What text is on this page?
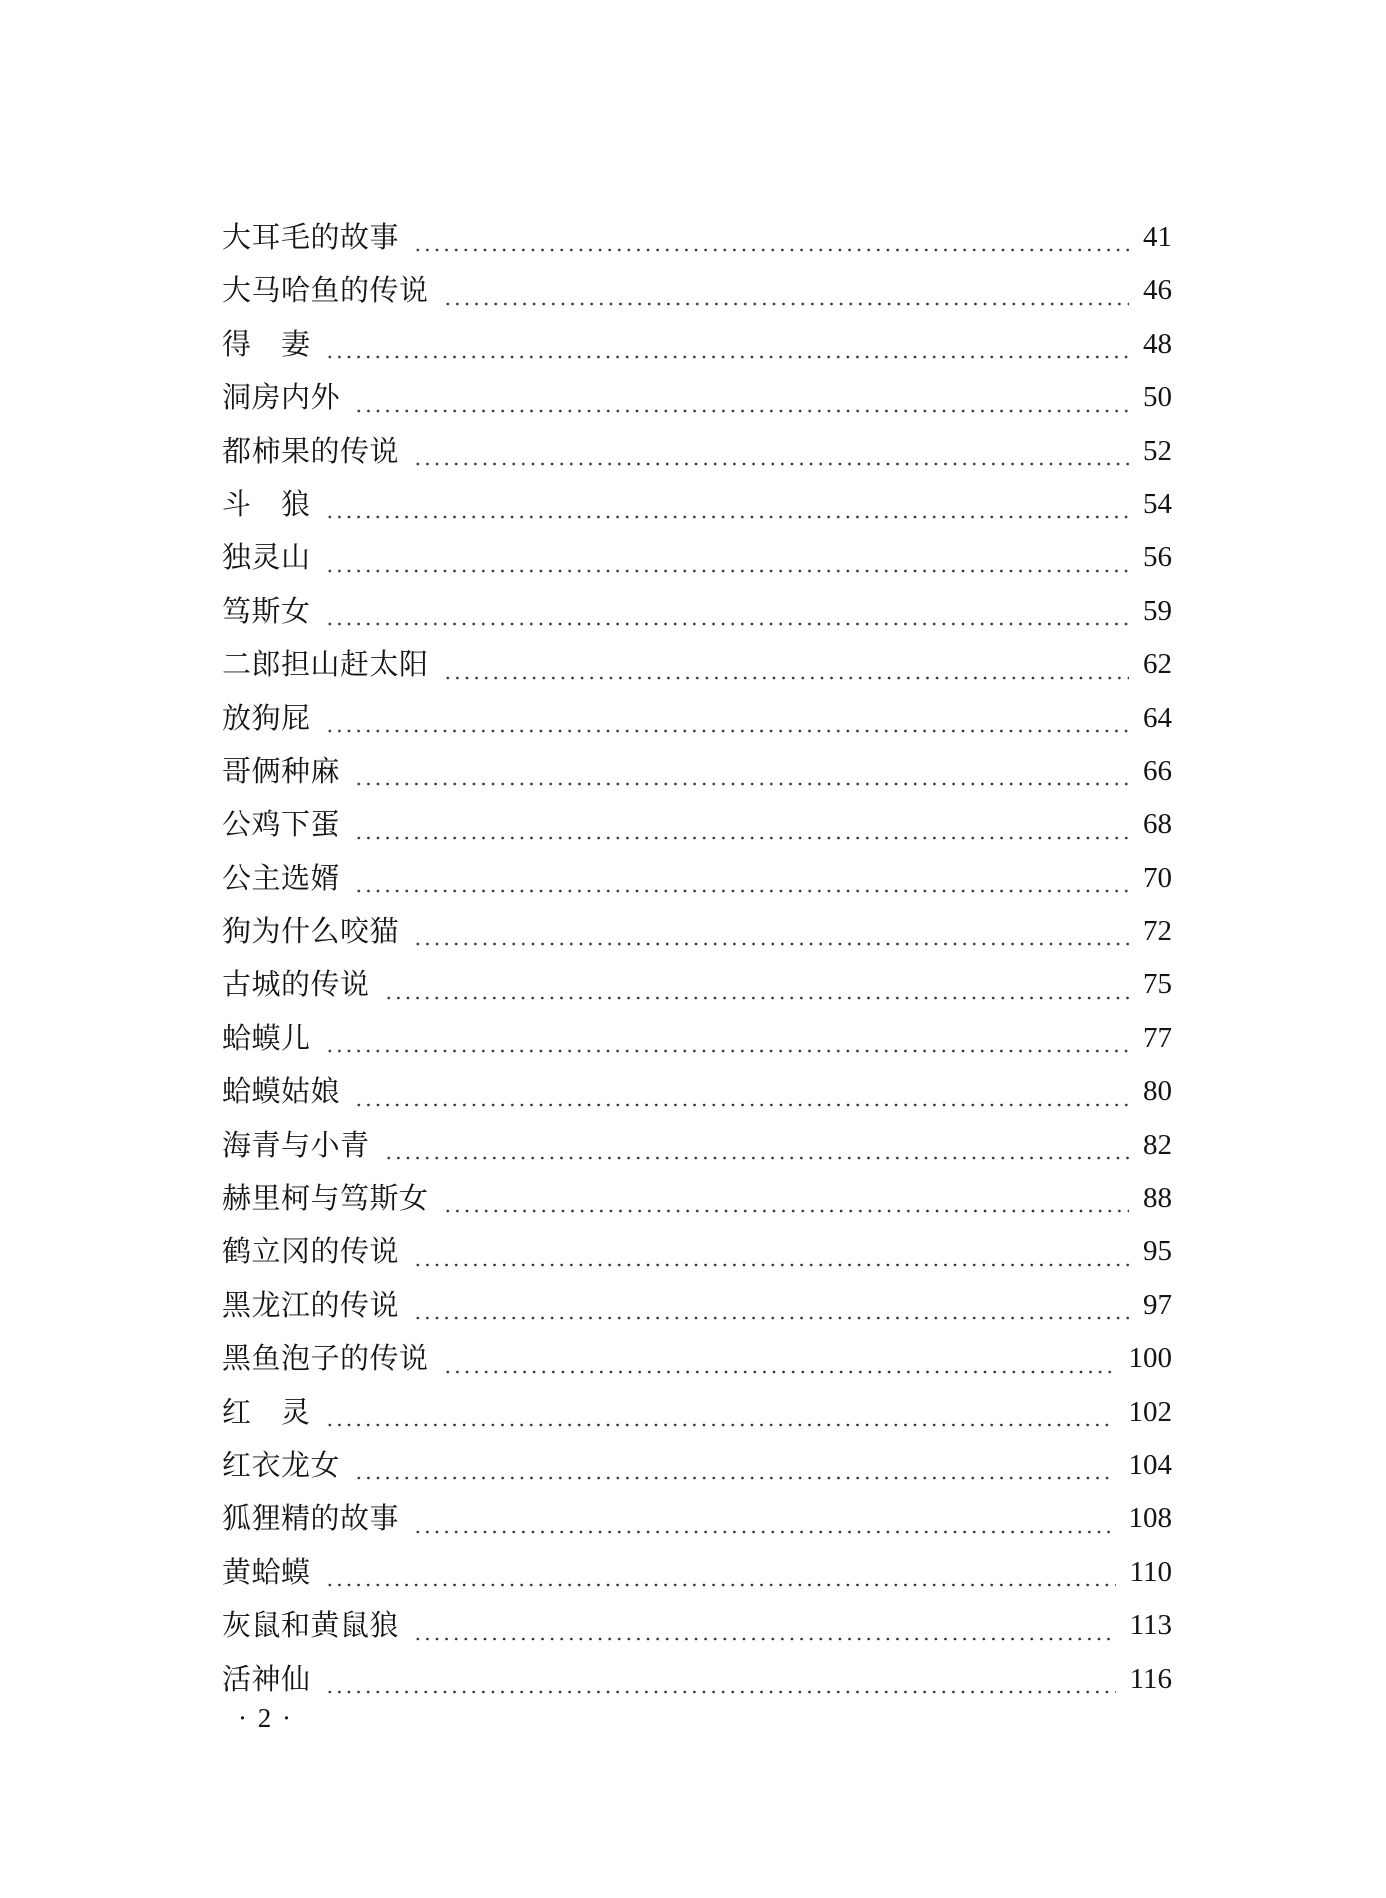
大耳毛的故事	41
大马哈鱼的传说	46
得　妻	48
洞房内外	50
都柿果的传说	52
斗　狼	54
独灵山	56
笃斯女	59
二郎担山赶太阳	62
放狗屁	64
哥俩种麻	66
公鸡下蛋	68
公主选婿	70
狗为什么咬猫	72
古城的传说	75
蛤蟆儿	77
蛤蟆姑娘	80
海青与小青	82
赫里柯与笃斯女	88
鹤立冈的传说	95
黑龙江的传说	97
黑鱼泡子的传说	100
红　灵	102
红衣龙女	104
狐狸精的故事	108
黄蛤蟆	110
灰鼠和黄鼠狼	113
活神仙	116
· 2 ·
